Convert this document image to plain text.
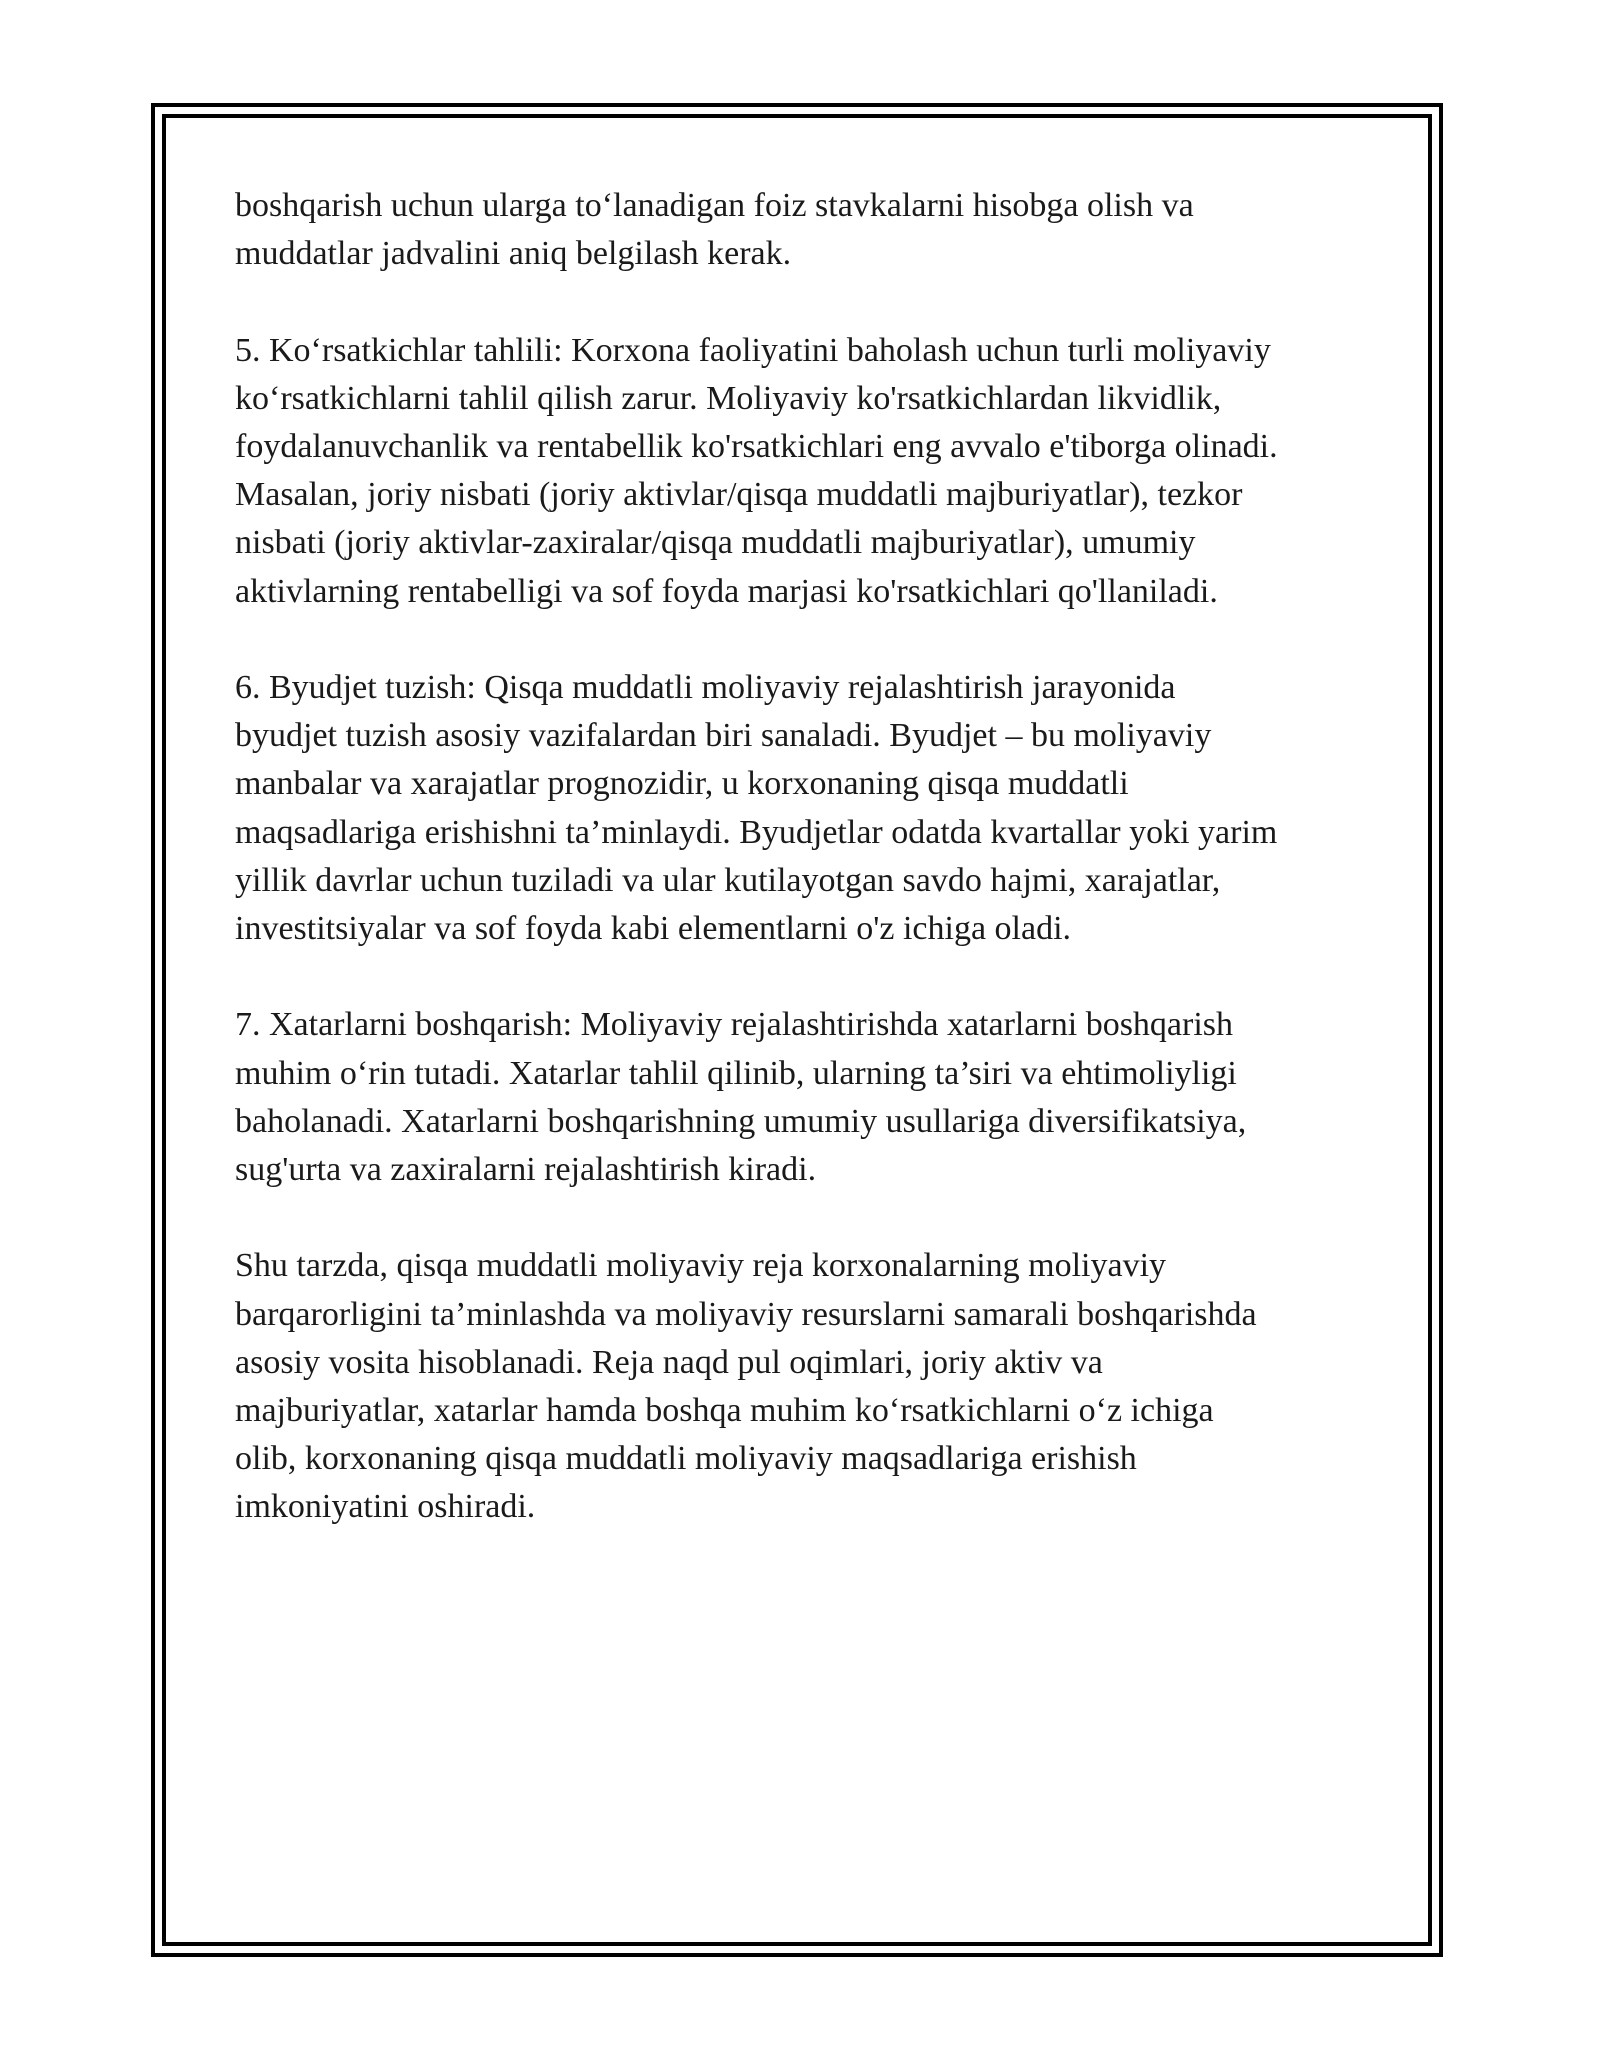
boshqarish uchun ularga to‘lanadigan foiz stavkalarni hisobga olish va
muddatlar jadvalini aniq belgilash kerak.

5. Ko‘rsatkichlar tahlili: Korxona faoliyatini baholash uchun turli moliyaviy
ko‘rsatkichlarni tahlil qilish zarur. Moliyaviy ko'rsatkichlardan likvidlik,
foydalanuvchanlik va rentabellik ko'rsatkichlari eng avvalo e'tiborga olinadi.
Masalan, joriy nisbati (joriy aktivlar/qisqa muddatli majburiyatlar), tezkor
nisbati (joriy aktivlar-zaxiralar/qisqa muddatli majburiyatlar), umumiy
aktivlarning rentabelligi va sof foyda marjasi ko'rsatkichlari qo'llaniladi.

6. Byudjet tuzish: Qisqa muddatli moliyaviy rejalashtirish jarayonida
byudjet tuzish asosiy vazifalardan biri sanaladi. Byudjet – bu moliyaviy
manbalar va xarajatlar prognozidir, u korxonaning qisqa muddatli
maqsadlariga erishishni ta’minlaydi. Byudjetlar odatda kvartallar yoki yarim
yillik davrlar uchun tuziladi va ular kutilayotgan savdo hajmi, xarajatlar,
investitsiyalar va sof foyda kabi elementlarni o'z ichiga oladi.

7. Xatarlarni boshqarish: Moliyaviy rejalashtirishda xatarlarni boshqarish
muhim o‘rin tutadi. Xatarlar tahlil qilinib, ularning ta’siri va ehtimoliyligi
baholanadi. Xatarlarni boshqarishning umumiy usullariga diversifikatsiya,
sug'urta va zaxiralarni rejalashtirish kiradi.

Shu tarzda, qisqa muddatli moliyaviy reja korxonalarning moliyaviy
barqarorligini ta’minlashda va moliyaviy resurslarni samarali boshqarishda
asosiy vosita hisoblanadi. Reja naqd pul oqimlari, joriy aktiv va
majburiyatlar, xatarlar hamda boshqa muhim ko‘rsatkichlarni o‘z ichiga
olib, korxonaning qisqa muddatli moliyaviy maqsadlariga erishish
imkoniyatini oshiradi.
